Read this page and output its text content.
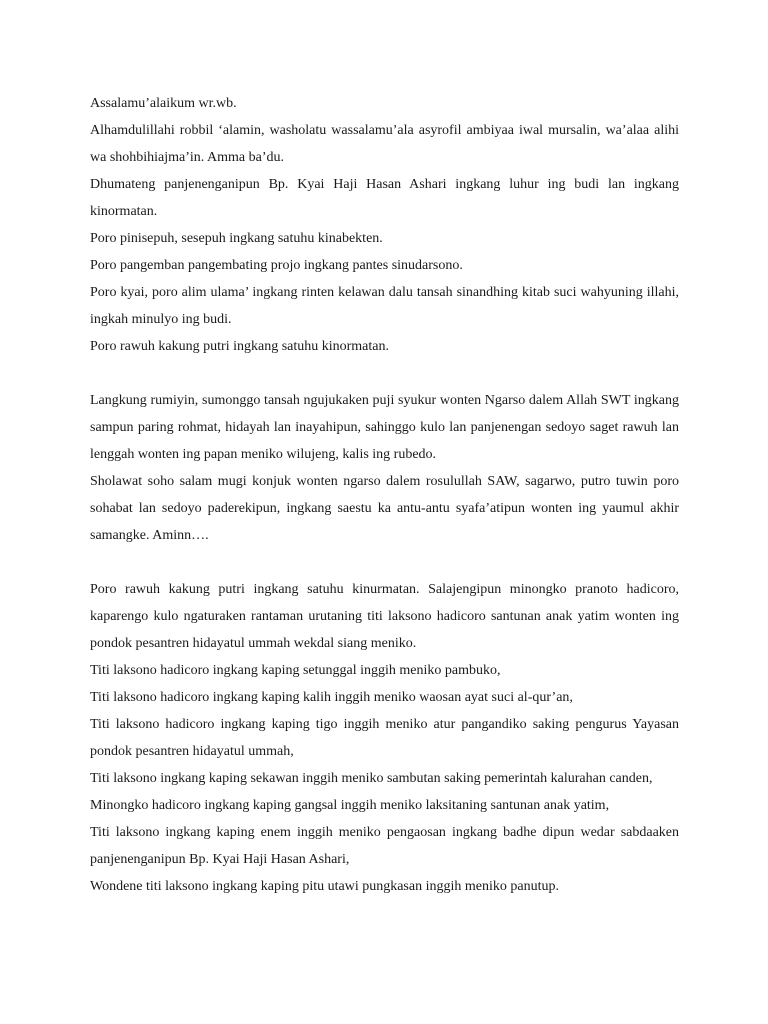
Assalamu’alaikum wr.wb.

Alhamdulillahi robbil ‘alamin, washolatu wassalamu’ala asyrofil ambiyaa iwal mursalin, wa’alaa alihi wa shohbihiajma’in. Amma ba’du.

Dhumateng panjenenganipun Bp. Kyai Haji Hasan Ashari ingkang luhur ing budi lan ingkang kinormatan.

Poro pinisepuh, sesepuh ingkang satuhu kinabekten.

Poro pangemban pangembating projo ingkang pantes sinudarsono.

Poro kyai, poro alim ulama’ ingkang rinten kelawan dalu tansah sinandhing kitab suci wahyuning illahi, ingkah minulyo ing budi.

Poro rawuh kakung putri ingkang satuhu kinormatan.

Langkung rumiyin, sumonggo tansah ngujukaken puji syukur wonten Ngarso dalem Allah SWT ingkang sampun paring rohmat, hidayah lan inayahipun, sahinggo kulo lan panjenengan sedoyo saget rawuh lan lenggah wonten ing papan meniko wilujeng, kalis ing rubedo.

Sholawat soho salam mugi konjuk wonten ngarso dalem rosulullah SAW, sagarwo, putro tuwin poro sohabat lan sedoyo paderekipun, ingkang saestu ka antu-antu syafa’atipun wonten ing yaumul akhir samangke. Aminn….

Poro rawuh kakung putri ingkang satuhu kinurmatan. Salajengipun minongko pranoto hadicoro, kaparengo kulo ngaturaken rantaman urutaning titi laksono hadicoro santunan anak yatim wonten ing pondok pesantren hidayatul ummah wekdal siang meniko.

Titi laksono hadicoro ingkang kaping setunggal inggih meniko pambuko,

Titi laksono hadicoro ingkang kaping kalih inggih meniko waosan ayat suci al-qur’an,

Titi laksono hadicoro ingkang kaping tigo inggih meniko atur pangandiko saking pengurus Yayasan pondok pesantren hidayatul ummah,

Titi laksono ingkang kaping sekawan inggih meniko sambutan saking pemerintah kalurahan canden,

Minongko hadicoro ingkang kaping gangsal inggih meniko laksitaning santunan anak yatim,

Titi laksono ingkang kaping enem inggih meniko pengaosan ingkang badhe dipun wedar sabdaaken panjenenganipun Bp. Kyai Haji Hasan Ashari,

Wondene titi laksono ingkang kaping pitu utawi pungkasan inggih meniko panutup.
